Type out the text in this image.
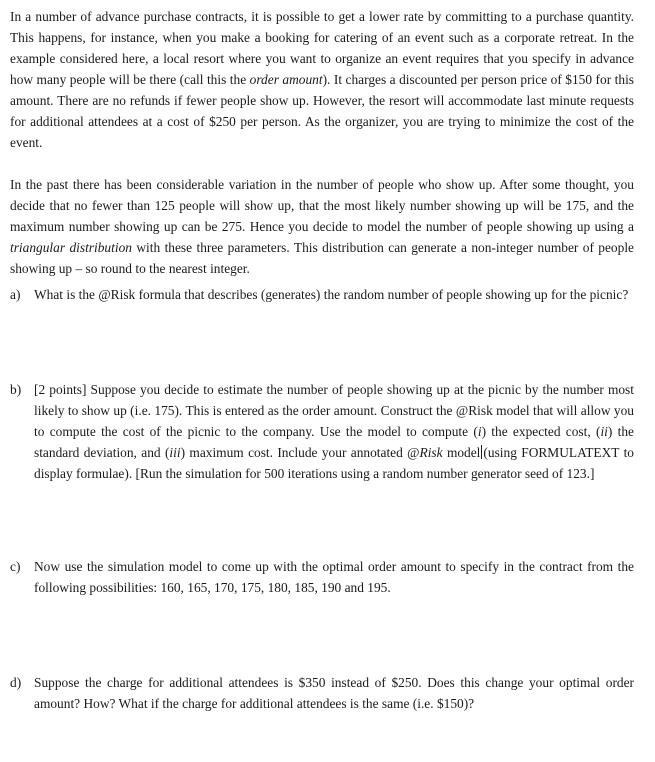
In a number of advance purchase contracts, it is possible to get a lower rate by committing to a purchase quantity. This happens, for instance, when you make a booking for catering of an event such as a corporate retreat. In the example considered here, a local resort where you want to organize an event requires that you specify in advance how many people will be there (call this the order amount). It charges a discounted per person price of $150 for this amount. There are no refunds if fewer people show up. However, the resort will accommodate last minute requests for additional attendees at a cost of $250 per person. As the organizer, you are trying to minimize the cost of the event.

In the past there has been considerable variation in the number of people who show up. After some thought, you decide that no fewer than 125 people will show up, that the most likely number showing up will be 175, and the maximum number showing up can be 275. Hence you decide to model the number of people showing up using a triangular distribution with these three parameters. This distribution can generate a non-integer number of people showing up – so round to the nearest integer.

a) What is the @Risk formula that describes (generates) the random number of people showing up for the picnic?

b) [2 points] Suppose you decide to estimate the number of people showing up at the picnic by the number most likely to show up (i.e. 175). This is entered as the order amount. Construct the @Risk model that will allow you to compute the cost of the picnic to the company. Use the model to compute (i) the expected cost, (ii) the standard deviation, and (iii) maximum cost. Include your annotated @Risk model (using FORMULATEXT to display formulae). [Run the simulation for 500 iterations using a random number generator seed of 123.]

c) Now use the simulation model to come up with the optimal order amount to specify in the contract from the following possibilities: 160, 165, 170, 175, 180, 185, 190 and 195.

d) Suppose the charge for additional attendees is $350 instead of $250. Does this change your optimal order amount? How? What if the charge for additional attendees is the same (i.e. $150)?
